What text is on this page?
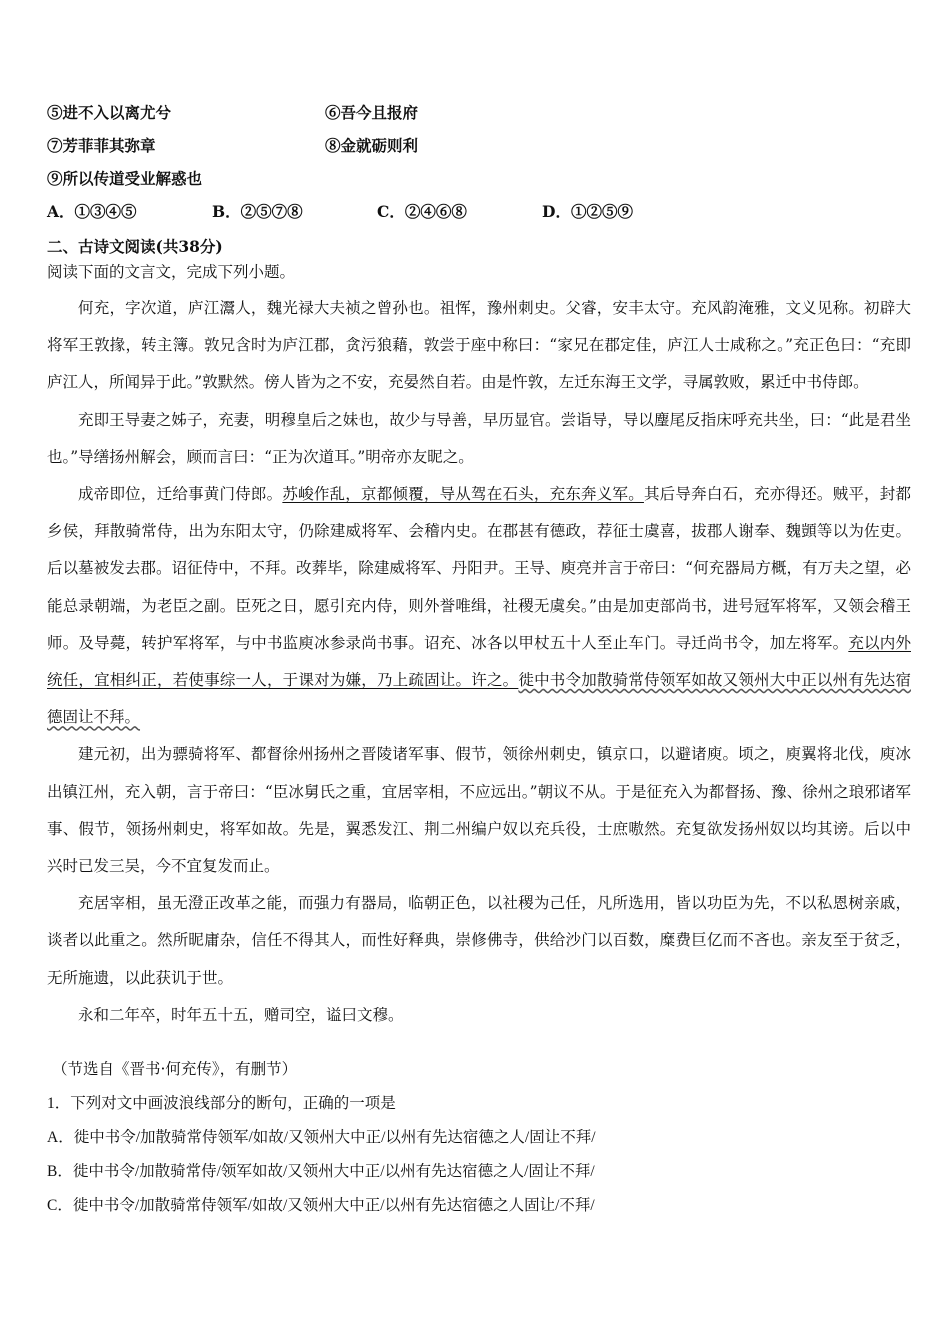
⑤进不入以离尤兮	⑥吾今且报府
⑦芳菲菲其弥章	⑧金就砺则利
⑨所以传道受业解惑也
A．①③④⑤	B．②⑤⑦⑧	C．②④⑥⑧	D．①②⑤⑨
二、古诗文阅读(共38分)
阅读下面的文言文，完成下列小题。

何充，字次道，庐江灊人，魏光禄大夫祯之曾孙也。祖恽，豫州刺史。父睿，安丰太守。充风韵淹雅，文义见称。初辟大将军王敦掾，转主簿。敦兄含时为庐江郡，贪污狼藉，敦尝于座中称曰：“家兄在郡定佳，庐江人士咸称之。”充正色曰：“充即庐江人，所闻异于此。”敦默然。傍人皆为之不安，充晏然自若。由是忤敦，左迁东海王文学，寻属敦败，累迁中书侍郎。

充即王导妻之姊子，充妻，明穆皇后之妹也，故少与导善，早历显官。尝诣导，导以麈尾反指床呼充共坐，曰：“此是君坐也。”导缮扬州解会，顾而言曰：“正为次道耳。”明帝亦友昵之。

成帝即位，迁给事黄门侍郎。苏峻作乱，京都倾覆，导从驾在石头，充东奔义军。其后导奔白石，充亦得还。贼平，封都乡侯，拜散骑常侍，出为东阳太守，仍除建威将军、会稽内史。在郡甚有德政，荐征士虞喜，拔郡人谢奉、魏顗等以为佐吏。后以墓被发去郡。诏征侍中，不拜。改葬毕，除建威将军、丹阳尹。王导、庾亮并言于帝曰：“何充器局方概，有万夫之望，必能总录朝端，为老臣之副。臣死之日，愿引充内侍，则外誉唯缉，社稷无虞矣。”由是加吏部尚书，进号冠军将军，又领会稽王师。及导薨，转护军将军，与中书监庾冰参录尚书事。诏充、冰各以甲杖五十人至止车门。寻迁尚书令，加左将军。充以内外统任，宜相纠正，若使事综一人，于课对为嫌，乃上疏固让。许之。徙中书令加散骑常侍领军如故又领州大中正以州有先达宿德固让不拜。

建元初，出为骠骑将军、都督徐州扬州之晋陵诸军事、假节，领徐州刺史，镇京口，以避诸庾。顷之，庾翼将北伐，庾冰出镇江州，充入朝，言于帝曰：“臣冰舅氏之重，宜居宰相，不应远出。”朝议不从。于是征充入为都督扬、豫、徐州之琅邪诸军事、假节，领扬州刺史，将军如故。先是，翼悉发江、荆二州编户奴以充兵役，士庶嗷然。充复欲发扬州奴以均其谤。后以中兴时已发三吴，今不宜复发而止。

充居宰相，虽无澄正改革之能，而强力有器局，临朝正色，以社稷为己任，凡所选用，皆以功臣为先，不以私恩树亲戚，谈者以此重之。然所昵庸杂，信任不得其人，而性好释典，崇修佛寺，供给沙门以百数，糜费巨亿而不吝也。亲友至于贫乏，无所施遗，以此获讥于世。

永和二年卒，时年五十五，赠司空，谥曰文穆。

（节选自《晋书·何充传》，有删节）
1．下列对文中画波浪线部分的断句，正确的一项是
A．徙中书令/加散骑常侍领军/如故/又领州大中正/以州有先达宿德之人/固让不拜/
B．徙中书令/加散骑常侍/领军如故/又领州大中正/以州有先达宿德之人/固让不拜/
C．徙中书令/加散骑常侍领军/如故/又领州大中正/以州有先达宿德之人固让/不拜/
